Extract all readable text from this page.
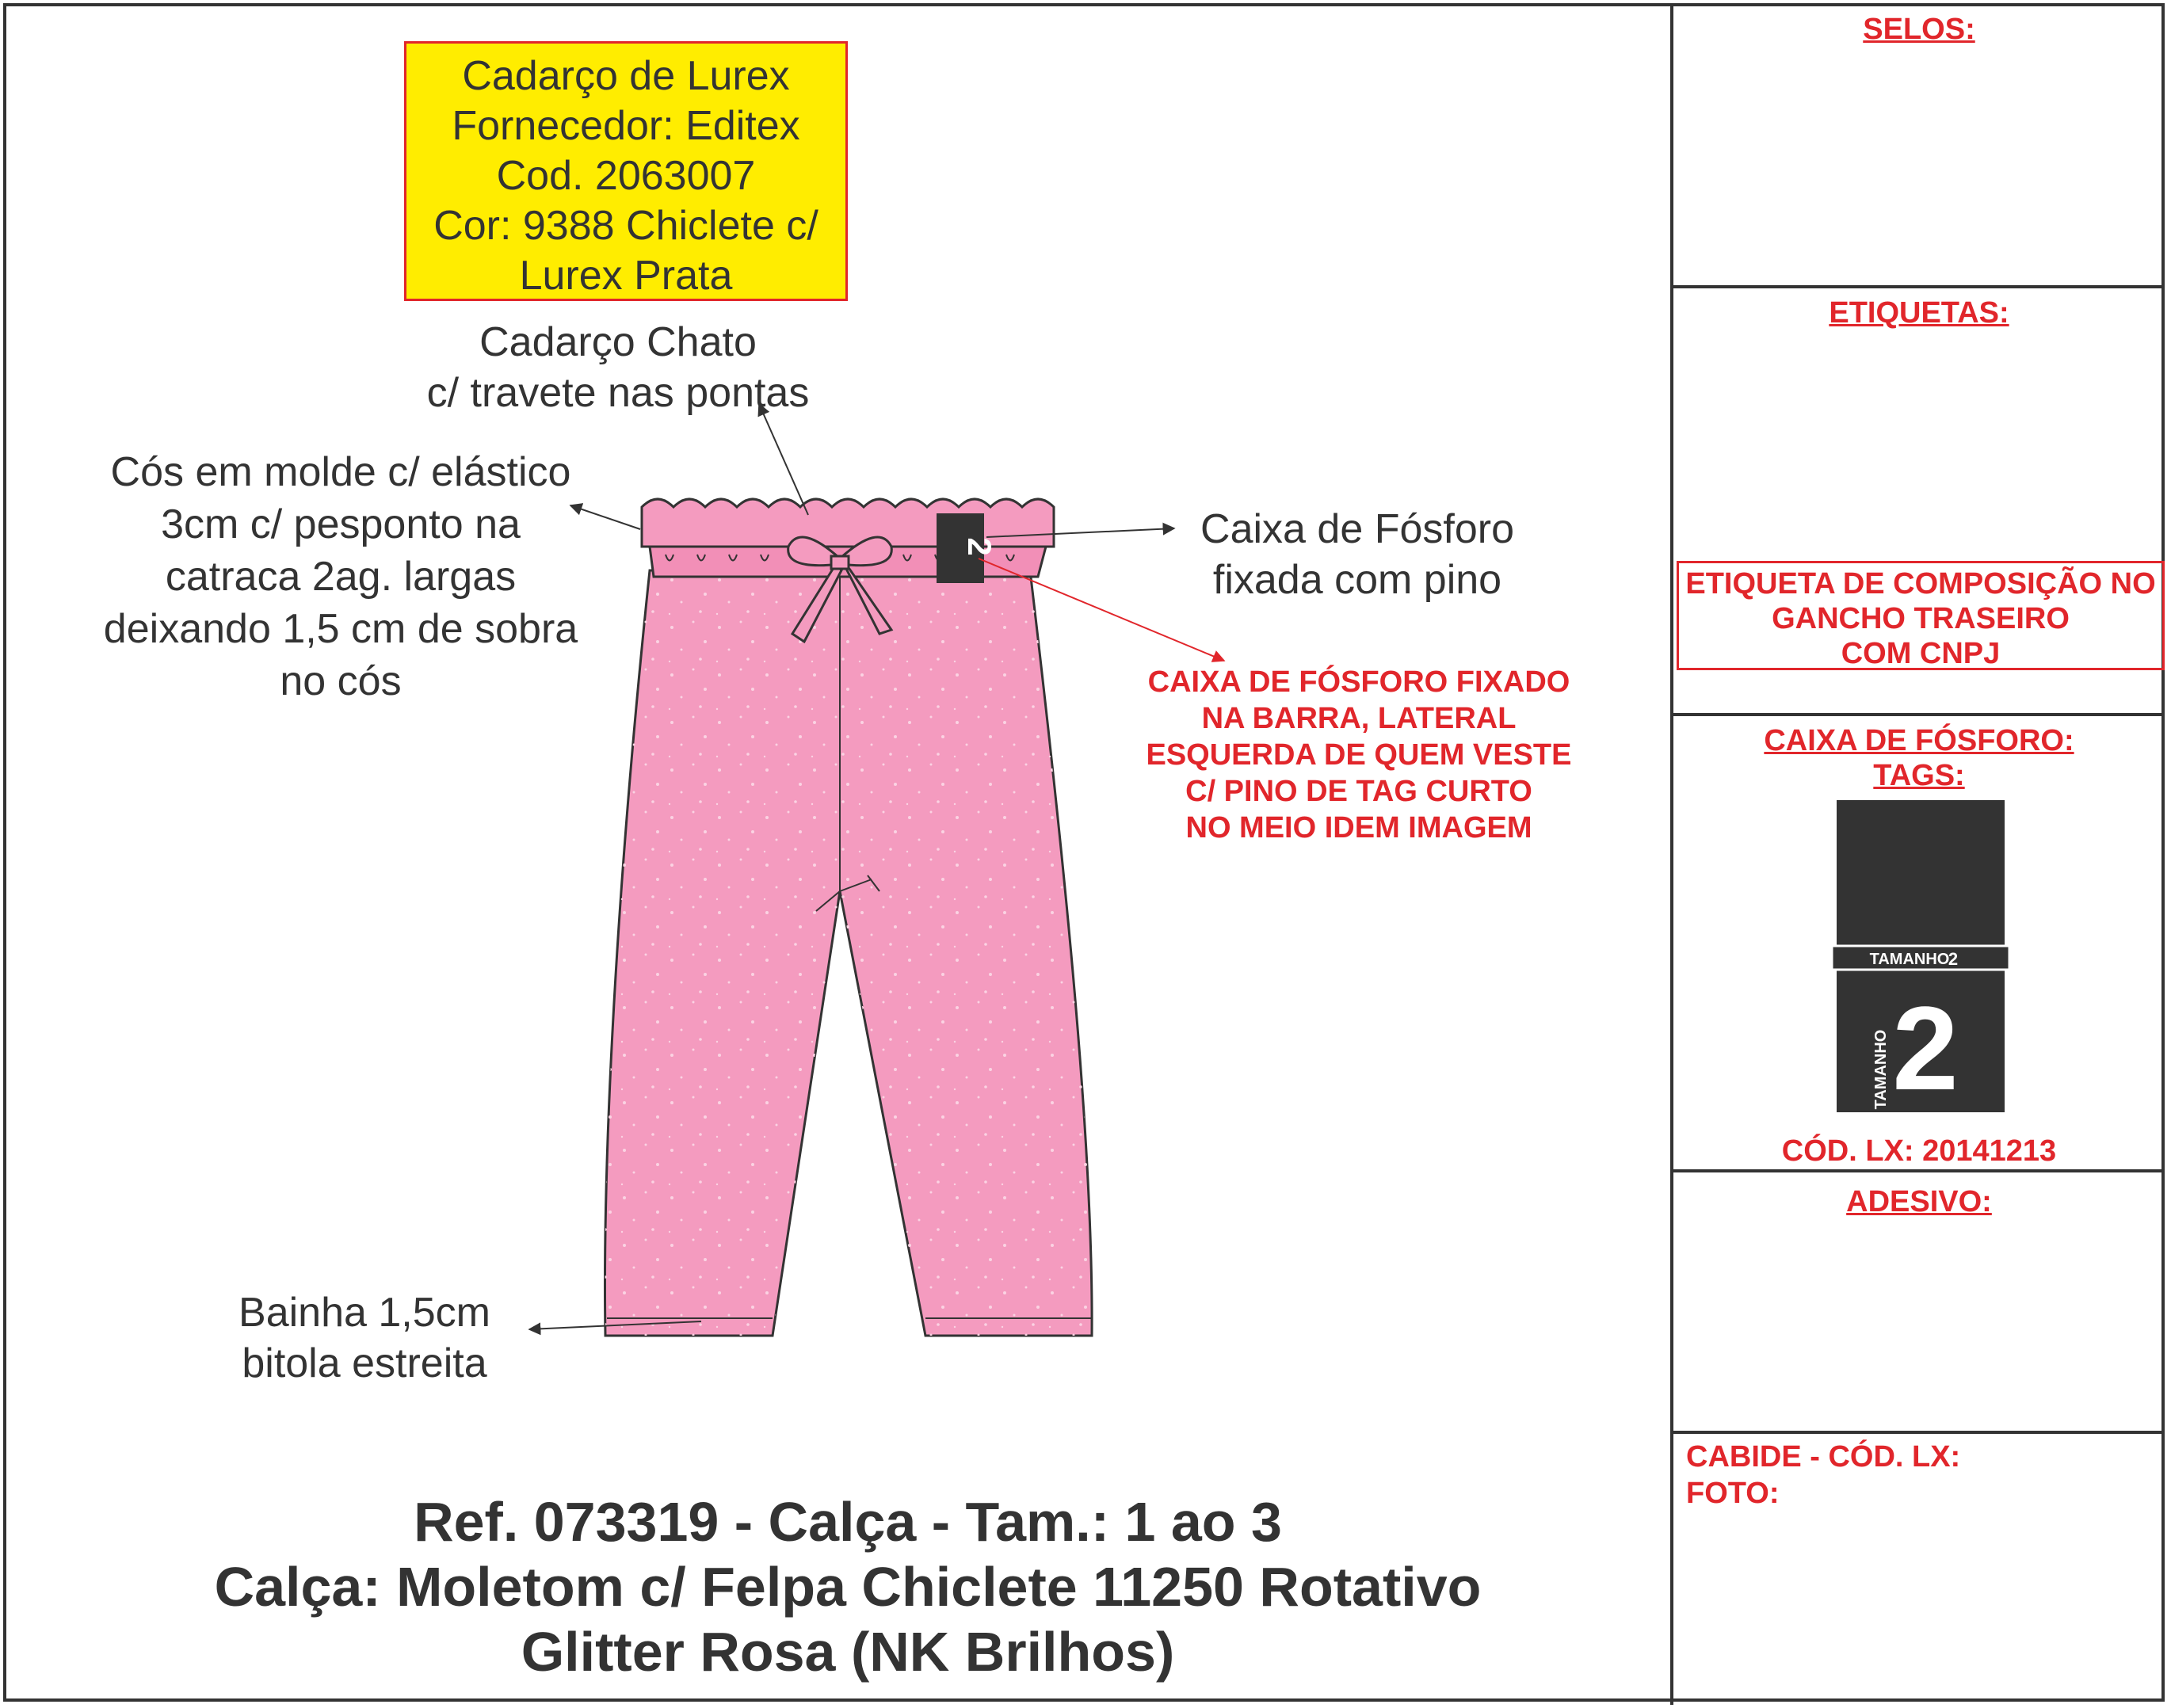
2
TAMANHO
2
2
TAMANHO
Cadarço de Lurex
Fornecedor: Editex
Cod. 2063007
Cor: 9388 Chiclete c/
Lurex Prata
Cadarço Chato
c/ travete nas pontas
Cós em molde c/ elástico
3cm c/ pesponto na
catraca 2ag. largas
deixando 1,5 cm de sobra
no cós
Caixa de Fósforo
fixada com pino
Bainha 1,5cm
bitola estreita
CAIXA DE FÓSFORO FIXADO
NA BARRA, LATERAL
ESQUERDA DE QUEM VESTE
C/ PINO DE TAG CURTO
NO MEIO IDEM IMAGEM
SELOS:
ETIQUETAS:
ETIQUETA DE COMPOSIÇÃO NO
GANCHO TRASEIRO
COM CNPJ
CAIXA DE FÓSFORO:
TAGS:
CÓD. LX: 20141213
ADESIVO:
CABIDE - CÓD. LX:
FOTO:
Ref. 073319 - Calça - Tam.: 1 ao 3
Calça: Moletom c/ Felpa Chiclete 11250 Rotativo
Glitter Rosa (NK Brilhos)
